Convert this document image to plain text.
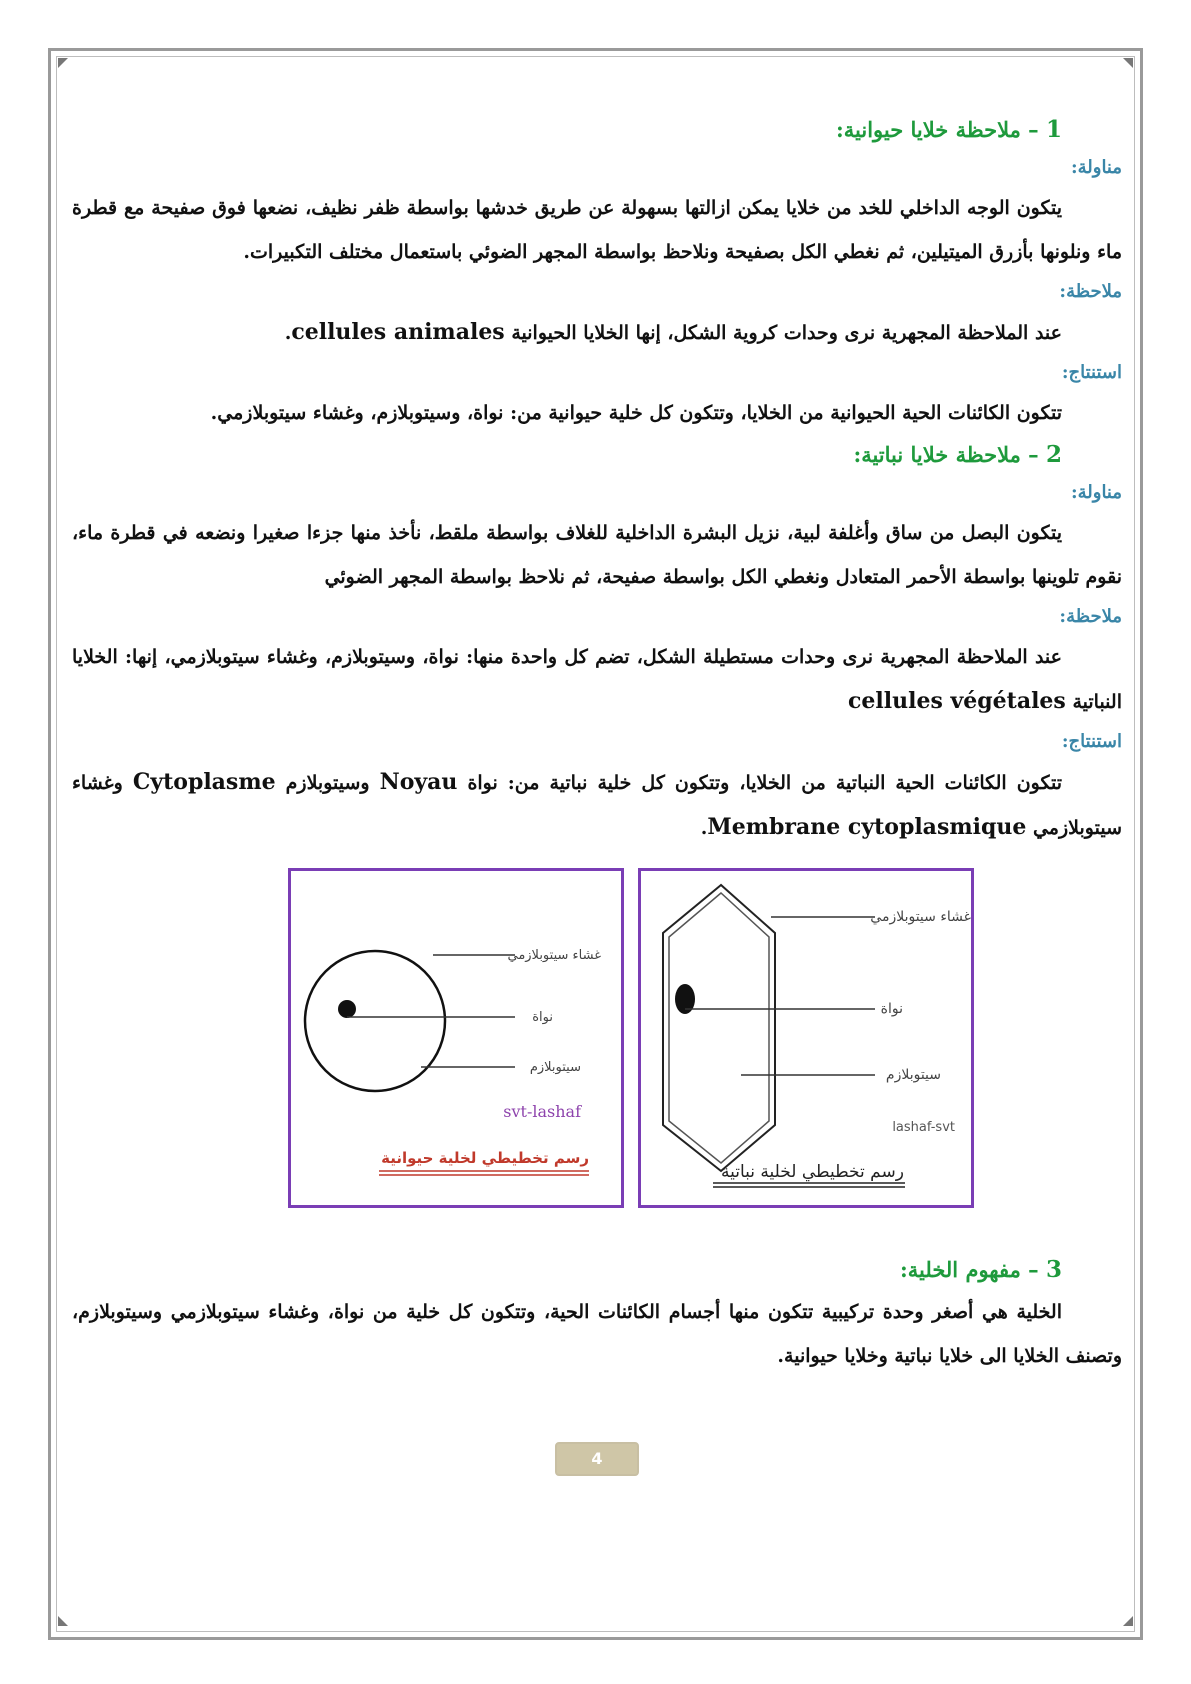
1 – ملاحظة خلايا حيوانية:

مناولة:

يتكون الوجه الداخلي للخد من خلايا يمكن ازالتها بسهولة عن طريق خدشها بواسطة ظفر نظيف، نضعها فوق صفيحة مع قطرة ماء ونلونها بأزرق الميتيلين، ثم نغطي الكل بصفيحة ونلاحظ بواسطة المجهر الضوئي باستعمال مختلف التكبيرات.

ملاحظة:

عند الملاحظة المجهرية نرى وحدات كروية الشكل، إنها الخلايا الحيوانية cellules animales.

استنتاج:

تتكون الكائنات الحية الحيوانية من الخلايا، وتتكون كل خلية حيوانية من: نواة، وسيتوبلازم، وغشاء سيتوبلازمي.

2 – ملاحظة خلايا نباتية:

مناولة:

يتكون البصل من ساق وأغلفة لبية، نزيل البشرة الداخلية للغلاف بواسطة ملقط، نأخذ منها جزءا صغيرا ونضعه في قطرة ماء، نقوم تلوينها بواسطة الأحمر المتعادل ونغطي الكل بواسطة صفيحة، ثم نلاحظ بواسطة المجهر الضوئي

ملاحظة:

عند الملاحظة المجهرية نرى وحدات مستطيلة الشكل، تضم كل واحدة منها: نواة، وسيتوبلازم، وغشاء سيتوبلازمي، إنها: الخلايا النباتية cellules végétales

استنتاج:

تتكون الكائنات الحية النباتية من الخلايا، وتتكون كل خلية نباتية من: نواة Noyau وسيتوبلازم Cytoplasme وغشاء سيتوبلازمي Membrane cytoplasmique.

غشاء سيتوبلازمي
نواة
سيتوبلازم
lashaf-svt
رسم تخطيطي لخلية نباتية
غشاء سيتوبلازمي
نواة
سيتوبلازم
svt-lashaf
رسم تخطيطي لخلية حيوانية

3 – مفهوم الخلية:

الخلية هي أصغر وحدة تركيبية تتكون منها أجسام الكائنات الحية، وتتكون كل خلية من نواة، وغشاء سيتوبلازمي وسيتوبلازم، وتصنف الخلايا الى خلايا نباتية وخلايا حيوانية.

4
